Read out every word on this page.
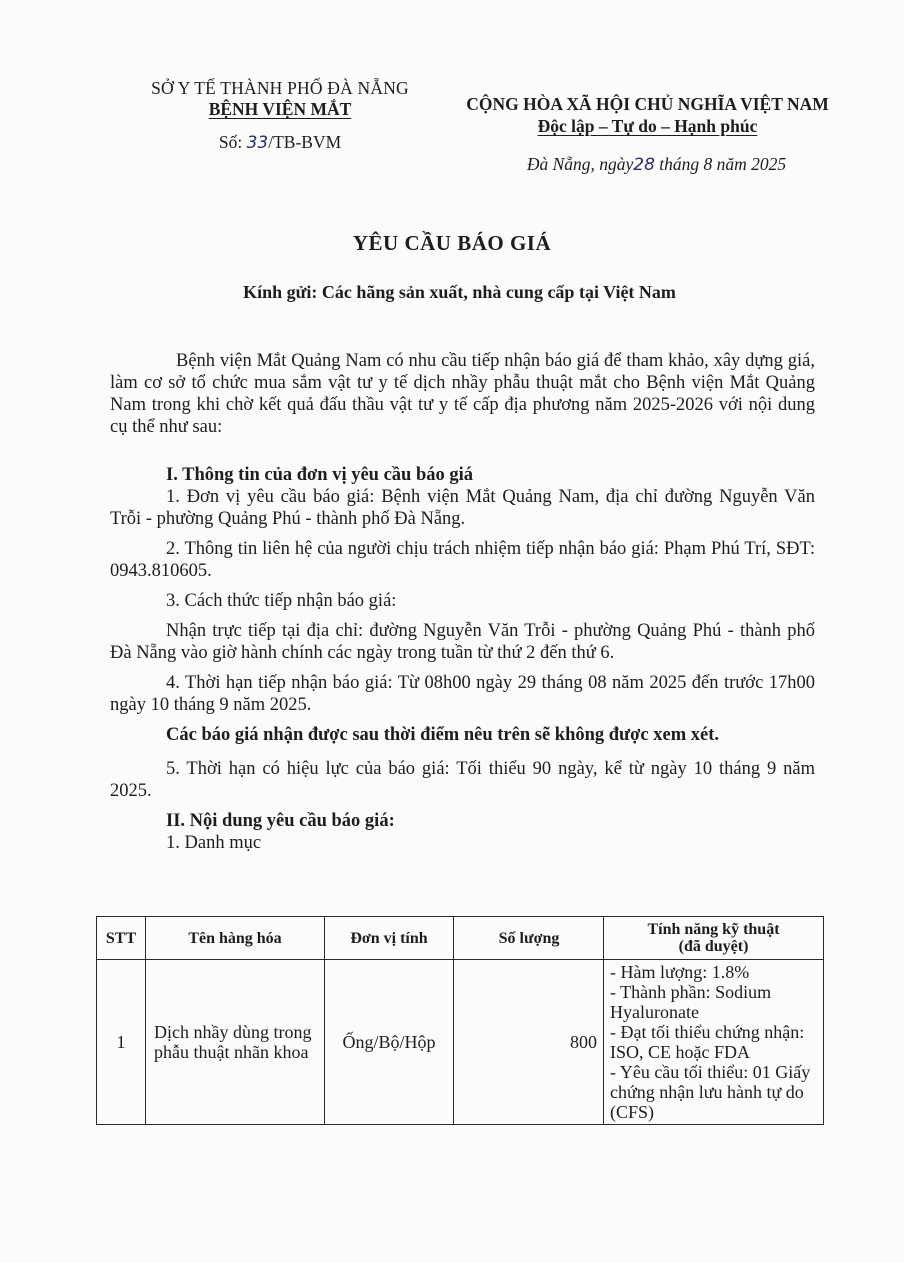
SỞ Y TẾ THÀNH PHỐ ĐÀ NẴNG
BỆNH VIỆN MẮT
Số: 33/TB-BVM
CỘNG HÒA XÃ HỘI CHỦ NGHĨA VIỆT NAM
Độc lập – Tự do – Hạnh phúc
Đà Nẵng, ngày28 tháng 8 năm 2025
YÊU CẦU BÁO GIÁ
Kính gửi: Các hãng sản xuất, nhà cung cấp tại Việt Nam

Bệnh viện Mắt Quảng Nam có nhu cầu tiếp nhận báo giá để tham khảo, xây dựng giá, làm cơ sở tổ chức mua sắm vật tư y tế dịch nhầy phẫu thuật mắt cho Bệnh viện Mắt Quảng Nam trong khi chờ kết quả đấu thầu vật tư y tế cấp địa phương năm 2025-2026 với nội dung cụ thể như sau:

I. Thông tin của đơn vị yêu cầu báo giá

1. Đơn vị yêu cầu báo giá: Bệnh viện Mắt Quảng Nam, địa chỉ đường Nguyễn Văn Trỗi - phường Quảng Phú - thành phố Đà Nẵng.

2. Thông tin liên hệ của người chịu trách nhiệm tiếp nhận báo giá: Phạm Phú Trí, SĐT: 0943.810605.

3. Cách thức tiếp nhận báo giá:

Nhận trực tiếp tại địa chỉ: đường Nguyễn Văn Trỗi - phường Quảng Phú - thành phố Đà Nẵng vào giờ hành chính các ngày trong tuần từ thứ 2 đến thứ 6.

4. Thời hạn tiếp nhận báo giá: Từ 08h00 ngày 29 tháng 08 năm 2025 đến trước 17h00 ngày 10 tháng 9 năm 2025.

Các báo giá nhận được sau thời điểm nêu trên sẽ không được xem xét.

5. Thời hạn có hiệu lực của báo giá: Tối thiểu 90 ngày, kể từ ngày 10 tháng 9 năm 2025.

II. Nội dung yêu cầu báo giá:

1. Danh mục

STT	Tên hàng hóa	Đơn vị tính	Số lượng	Tính năng kỹ thuật
(đã duyệt)

1	Dịch nhầy dùng trong phẫu thuật nhãn khoa	Ống/Bộ/Hộp	800	- Hàm lượng: 1.8%
- Thành phần: Sodium Hyaluronate
- Đạt tối thiểu chứng nhận: ISO, CE hoặc FDA
- Yêu cầu tối thiểu: 01 Giấy chứng nhận lưu hành tự do (CFS)
